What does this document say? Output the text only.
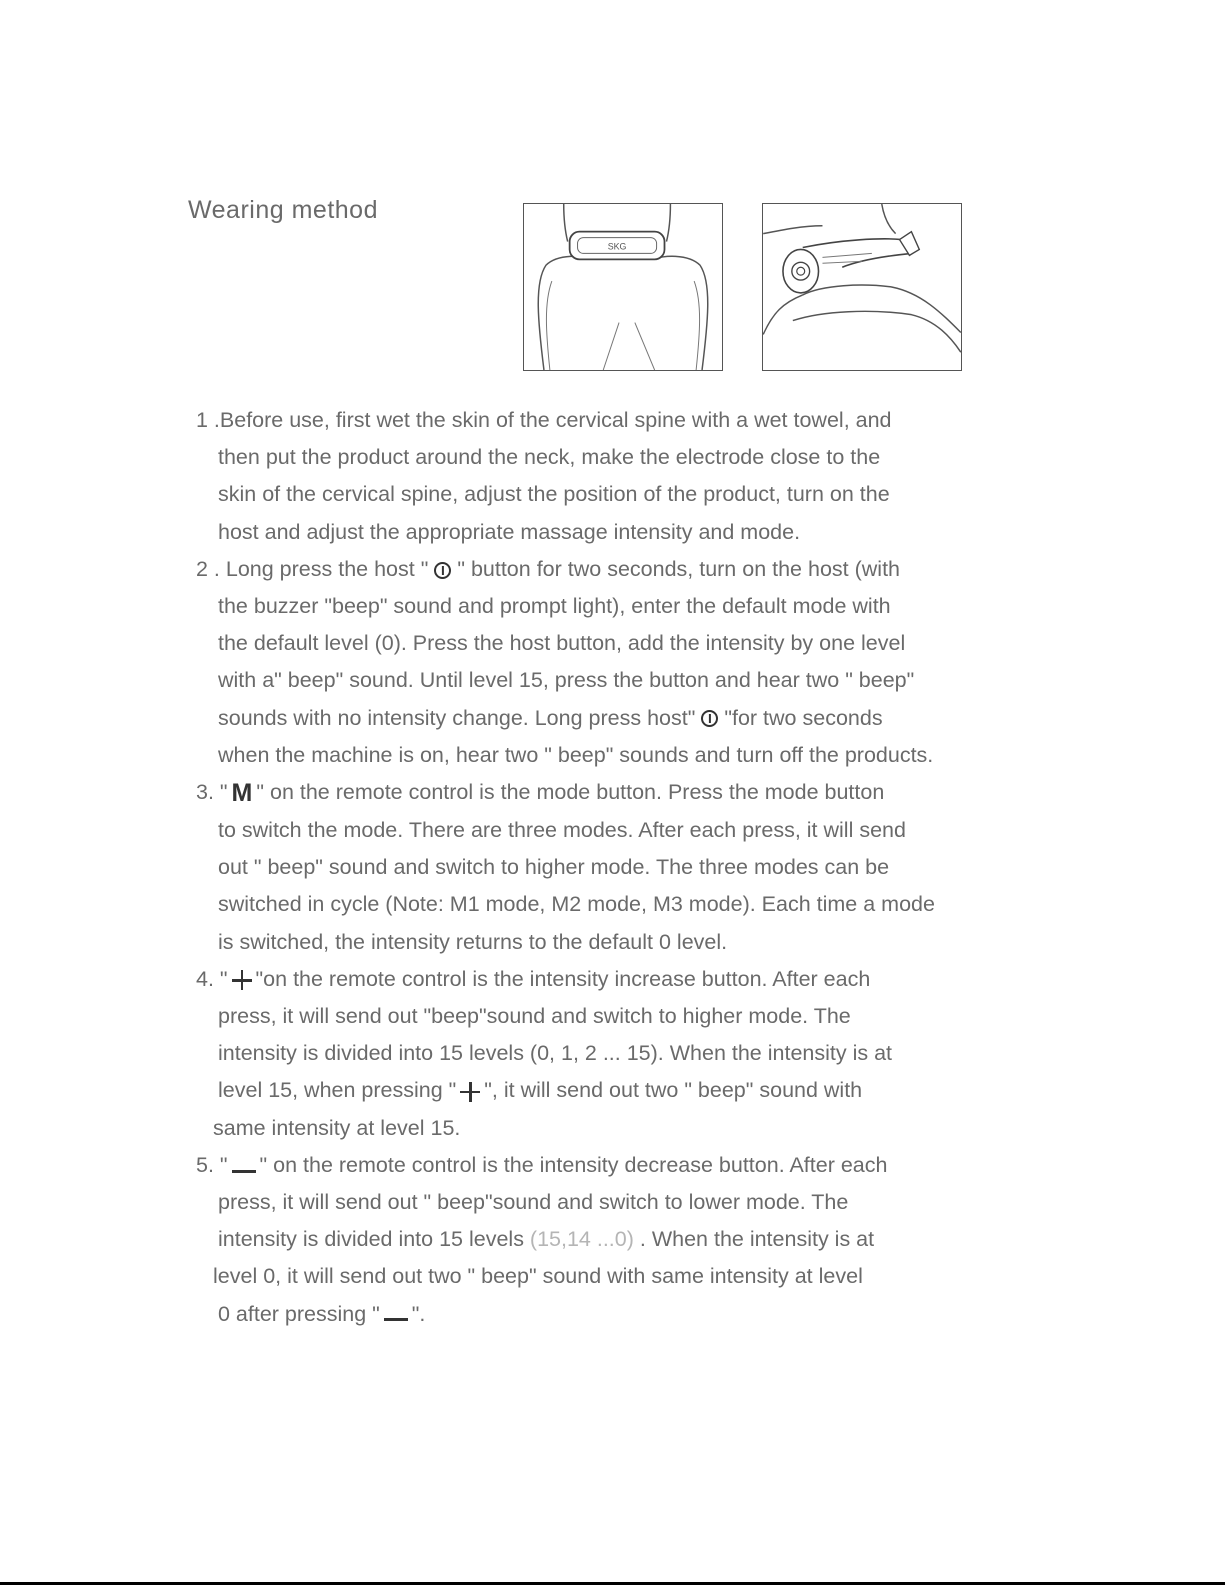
Wearing method
SKG
1 .Before use, first wet the skin of the cervical spine with a wet towel, and
then put the product around the neck, make the electrode close to the
skin of the cervical spine, adjust the position of the product, turn on the
host and adjust the appropriate massage intensity and mode.
2 . Long press the host " " button for two seconds, turn on the host (with
the buzzer "beep" sound and prompt light), enter the default mode with
the default level (0). Press the host button, add the intensity by one level
with a" beep" sound. Until level 15, press the button and hear two " beep"
sounds with no intensity change. Long press host" "for two seconds
when the machine is on, hear two " beep" sounds and turn off the products.
3. " M " on the remote control is the mode button. Press the mode button
to switch the mode. There are three modes. After each press, it will send
out " beep" sound and switch to higher mode. The three modes can be
switched in cycle (Note: M1 mode, M2 mode, M3 mode). Each time a mode
is switched, the intensity returns to the default 0 level.
4. " "on the remote control is the intensity increase button. After each
press, it will send out "beep"sound and switch to higher mode. The
intensity is divided into 15 levels (0, 1, 2 ... 15). When the intensity is at
level 15, when pressing " ", it will send out two " beep" sound with
same intensity at level 15.
5. " " on the remote control is the intensity decrease button. After each
press, it will send out " beep"sound and switch to lower mode. The
intensity is divided into 15 levels (15,14 ...0) . When the intensity is at
level 0, it will send out two " beep" sound with same intensity at level
0 after pressing " ".
